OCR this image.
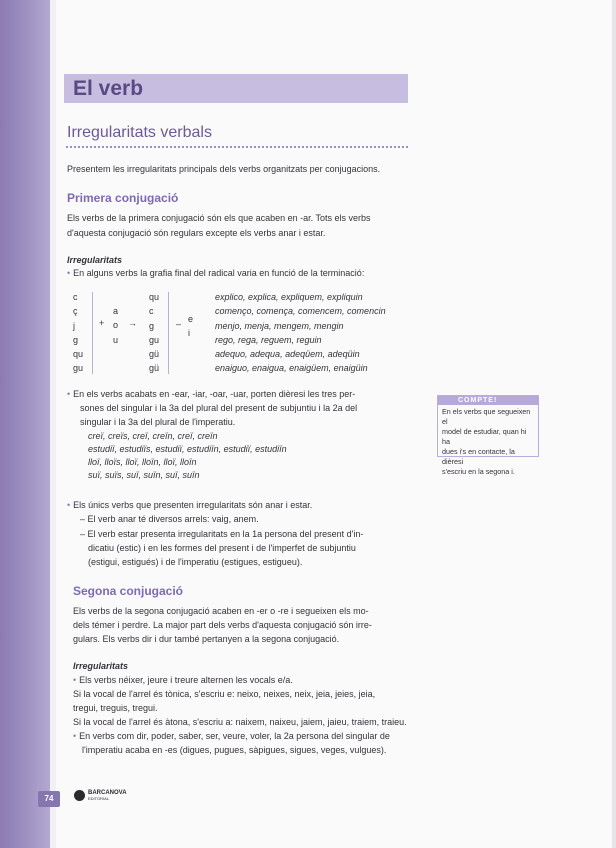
El verb
Irregularitats verbals

Presentem les irregularitats principals dels verbs organitzats per conjugacions.

Primera conjugació

Els verbs de la primera conjugació són els que acaben en -ar. Tots els verbs

d'aquesta conjugació són regulars excepte els verbs anar i estar.

Irregularitats

• En alguns verbs la grafia final del radical varia en funció de la terminació:

c
ç
j
g
qu
gu
+
a
o
u
→
qu
c
g
gu
gü
gü
– e
i
explico, explica, expliquem, expliquin
començo, comença, comencem, comencin
menjo, menja, mengem, mengin
rego, rega, reguem, reguin
adequo, adequa, adeqüem, adeqüin
enaiguo, enaigua, enaigüem, enaigüin

• En els verbs acabats en -ear, -iar, -oar, -uar, porten dièresi les tres per-

sones del singular i la 3a del plural del present de subjuntiu i la 2a del

singular i la 3a del plural de l'imperatiu.

creï, creïs, creï, creïn, creï, creïn
estudiï, estudiïs, estudiï, estudiïn, estudiï, estudiïn
lloï, lloïs, lloï, lloïn, lloï, lloïn
suï, suïs, suï, suïn, suï, suïn

• Els únics verbs que presenten irregularitats són anar i estar.

– El verb anar té diversos arrels: vaig, anem.

– El verb estar presenta irregularitats en la 1a persona del present d'in-

dicatiu (estic) i en les formes del present i de l'imperfet de subjuntiu

(estigui, estigués) i de l'imperatiu (estigues, estigueu).

COMPTE!
En els verbs que segueixen el
model de estudiar, quan hi ha
dues i's en contacte, la dièresi
s'escriu en la segona i.

Segona conjugació

Els verbs de la segona conjugació acaben en -er o -re i segueixen els mo-

dels témer i perdre. La major part dels verbs d'aquesta conjugació són irre-

gulars. Els verbs dir i dur també pertanyen a la segona conjugació.

Irregularitats

• Els verbs néixer, jeure i treure alternen les vocals e/a.

Si la vocal de l'arrel és tònica, s'escriu e: neixo, neixes, neix, jeia, jeies, jeia,

tregui, treguis, tregui.

Si la vocal de l'arrel és àtona, s'escriu a: naixem, naixeu, jaiem, jaieu, traiem, traieu.

• En verbs com dir, poder, saber, ser, veure, voler, la 2a persona del singular de

l'imperatiu acaba en -es (digues, pugues, sàpigues, sigues, veges, vulgues).

74
BARCANOVA
EDITORIAL
